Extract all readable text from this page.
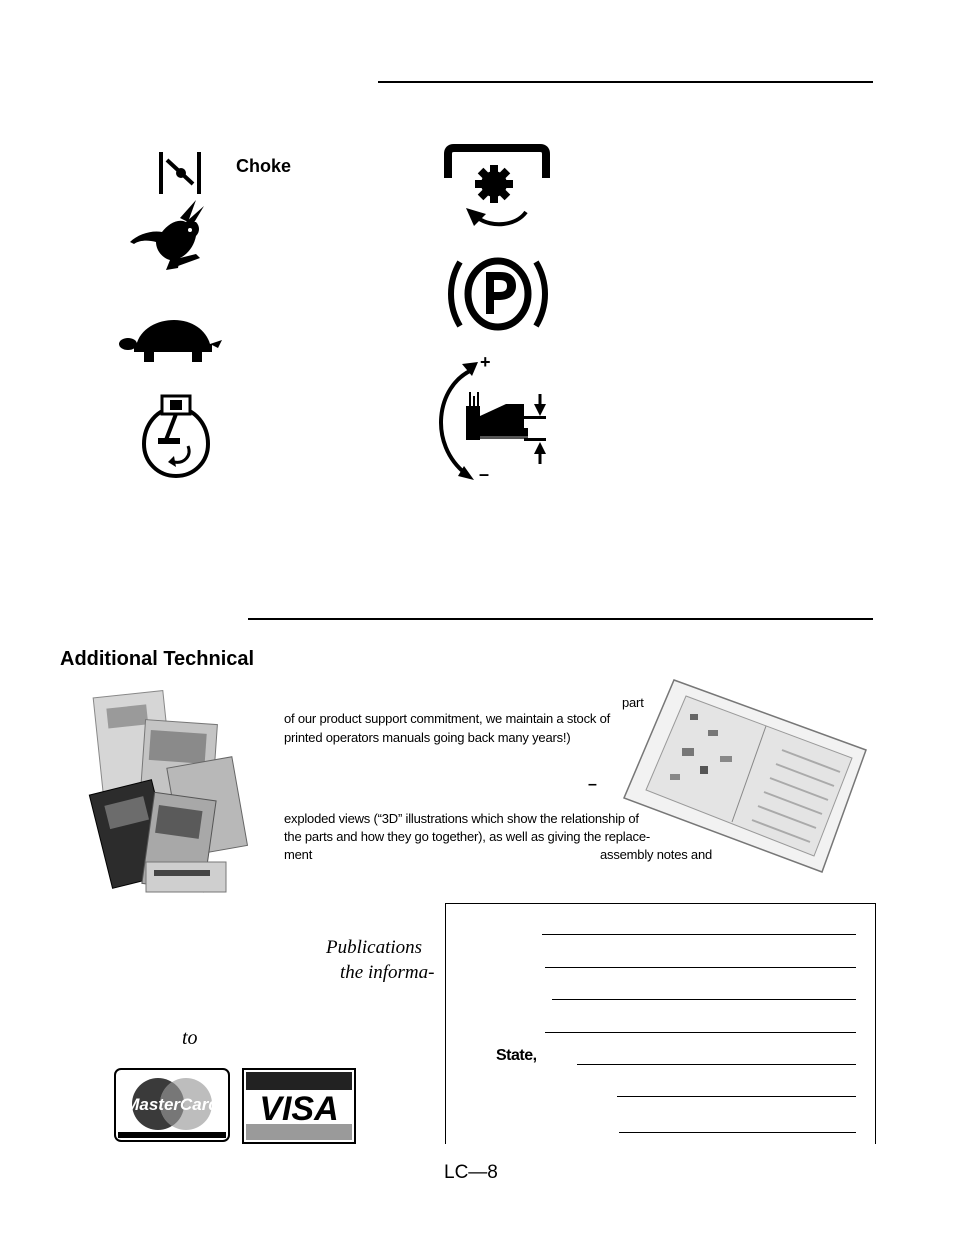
Choke
+
–
Additional Technical
part
of our product support commitment, we maintain a stock of
printed operators manuals going back many years!)
–
exploded views (“3D” illustrations which show the relationship of
the parts and how they go together), as well as giving the replace-
ment	assembly notes and
Publications
the informa-
to
MasterCard VISA
State,
LC—8
